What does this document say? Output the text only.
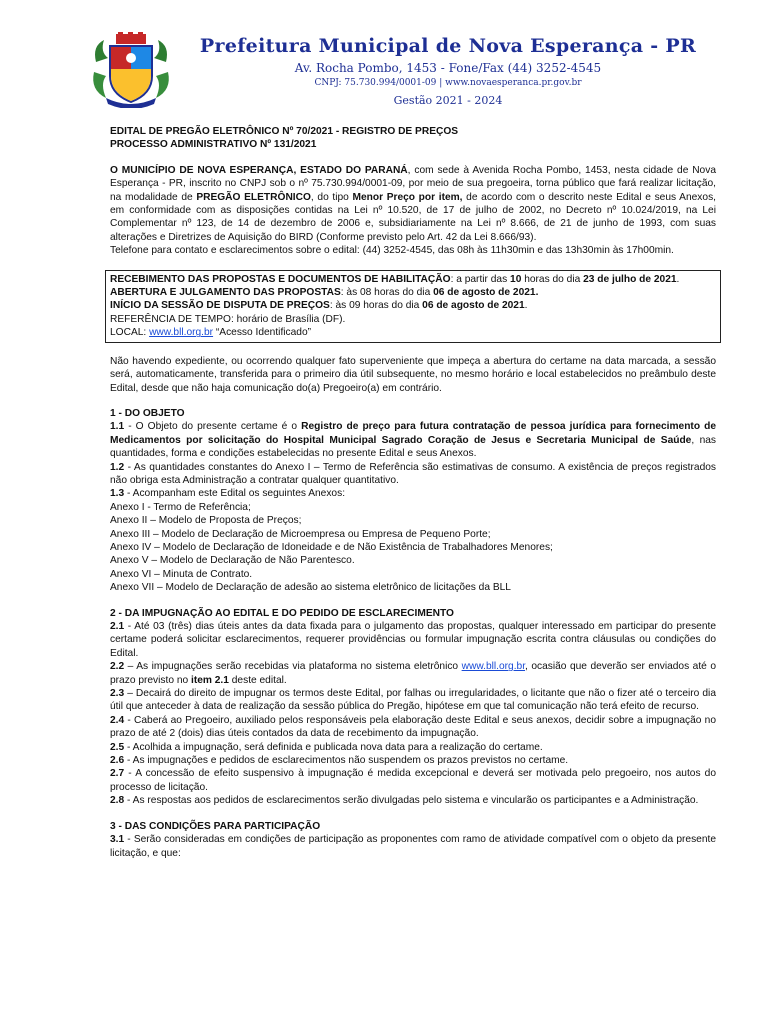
Prefeitura Municipal de Nova Esperança - PR
Av. Rocha Pombo, 1453 - Fone/Fax (44) 3252-4545
CNPJ: 75.730.994/0001-09 | www.novaesperanca.pr.gov.br
Gestão 2021 - 2024

EDITAL DE PREGÃO ELETRÔNICO Nº 70/2021 - REGISTRO DE PREÇOS

PROCESSO ADMINISTRATIVO Nº 131/2021

O MUNICÍPIO DE NOVA ESPERANÇA, ESTADO DO PARANÁ, com sede à Avenida Rocha Pombo, 1453, nesta cidade de Nova Esperança - PR, inscrito no CNPJ sob o nº 75.730.994/0001-09, por meio de sua pregoeira, torna público que fará realizar licitação, na modalidade de PREGÃO ELETRÔNICO, do tipo Menor Preço por item, de acordo com o descrito neste Edital e seus Anexos, em conformidade com as disposições contidas na Lei nº 10.520, de 17 de julho de 2002, no Decreto nº 10.024/2019, na Lei Complementar nº 123, de 14 de dezembro de 2006 e, subsidiariamente na Lei nº 8.666, de 21 de junho de 1993, com suas alterações e Diretrizes de Aquisição do BIRD (Conforme previsto pelo Art. 42 da Lei 8.666/93).

Telefone para contato e esclarecimentos sobre o edital: (44) 3252-4545, das 08h às 11h30min e das 13h30min às 17h00min.

RECEBIMENTO DAS PROPOSTAS E DOCUMENTOS DE HABILITAÇÃO: a partir das 10 horas do dia 23 de julho de 2021.

ABERTURA E JULGAMENTO DAS PROPOSTAS: às 08 horas do dia 06 de agosto de 2021.

INÍCIO DA SESSÃO DE DISPUTA DE PREÇOS: às 09 horas do dia 06 de agosto de 2021.

REFERÊNCIA DE TEMPO: horário de Brasília (DF).

LOCAL: www.bll.org.br “Acesso Identificado”

Não havendo expediente, ou ocorrendo qualquer fato superveniente que impeça a abertura do certame na data marcada, a sessão será, automaticamente, transferida para o primeiro dia útil subsequente, no mesmo horário e local estabelecidos no preâmbulo deste Edital, desde que não haja comunicação do(a) Pregoeiro(a) em contrário.

1 - DO OBJETO

1.1 - O Objeto do presente certame é o Registro de preço para futura contratação de pessoa jurídica para fornecimento de Medicamentos por solicitação do Hospital Municipal Sagrado Coração de Jesus e Secretaria Municipal de Saúde, nas quantidades, forma e condições estabelecidas no presente Edital e seus Anexos.

1.2 - As quantidades constantes do Anexo I – Termo de Referência são estimativas de consumo. A existência de preços registrados não obriga esta Administração a contratar qualquer quantitativo.

1.3 - Acompanham este Edital os seguintes Anexos:

Anexo I - Termo de Referência;

Anexo II – Modelo de Proposta de Preços;

Anexo III – Modelo de Declaração de Microempresa ou Empresa de Pequeno Porte;

Anexo IV – Modelo de Declaração de Idoneidade e de Não Existência de Trabalhadores Menores;

Anexo V – Modelo de Declaração de Não Parentesco.

Anexo VI – Minuta de Contrato.

Anexo VII – Modelo de Declaração de adesão ao sistema eletrônico de licitações da BLL

2 - DA IMPUGNAÇÃO AO EDITAL E DO PEDIDO DE ESCLARECIMENTO

2.1 - Até 03 (três) dias úteis antes da data fixada para o julgamento das propostas, qualquer interessado em participar do presente certame poderá solicitar esclarecimentos, requerer providências ou formular impugnação escrita contra cláusulas ou condições do Edital.

2.2 – As impugnações serão recebidas via plataforma no sistema eletrônico www.bll.org.br, ocasião que deverão ser enviados até o prazo previsto no item 2.1 deste edital.

2.3 – Decairá do direito de impugnar os termos deste Edital, por falhas ou irregularidades, o licitante que não o fizer até o terceiro dia útil que anteceder à data de realização da sessão pública do Pregão, hipótese em que tal comunicação não terá efeito de recurso.

2.4 - Caberá ao Pregoeiro, auxiliado pelos responsáveis pela elaboração deste Edital e seus anexos, decidir sobre a impugnação no prazo de até 2 (dois) dias úteis contados da data de recebimento da impugnação.

2.5 - Acolhida a impugnação, será definida e publicada nova data para a realização do certame.

2.6 - As impugnações e pedidos de esclarecimentos não suspendem os prazos previstos no certame.

2.7 - A concessão de efeito suspensivo à impugnação é medida excepcional e deverá ser motivada pelo pregoeiro, nos autos do processo de licitação.

2.8 - As respostas aos pedidos de esclarecimentos serão divulgadas pelo sistema e vincularão os participantes e a Administração.

3 - DAS CONDIÇÕES PARA PARTICIPAÇÃO

3.1 - Serão consideradas em condições de participação as proponentes com ramo de atividade compatível com o objeto da presente licitação, e que:
